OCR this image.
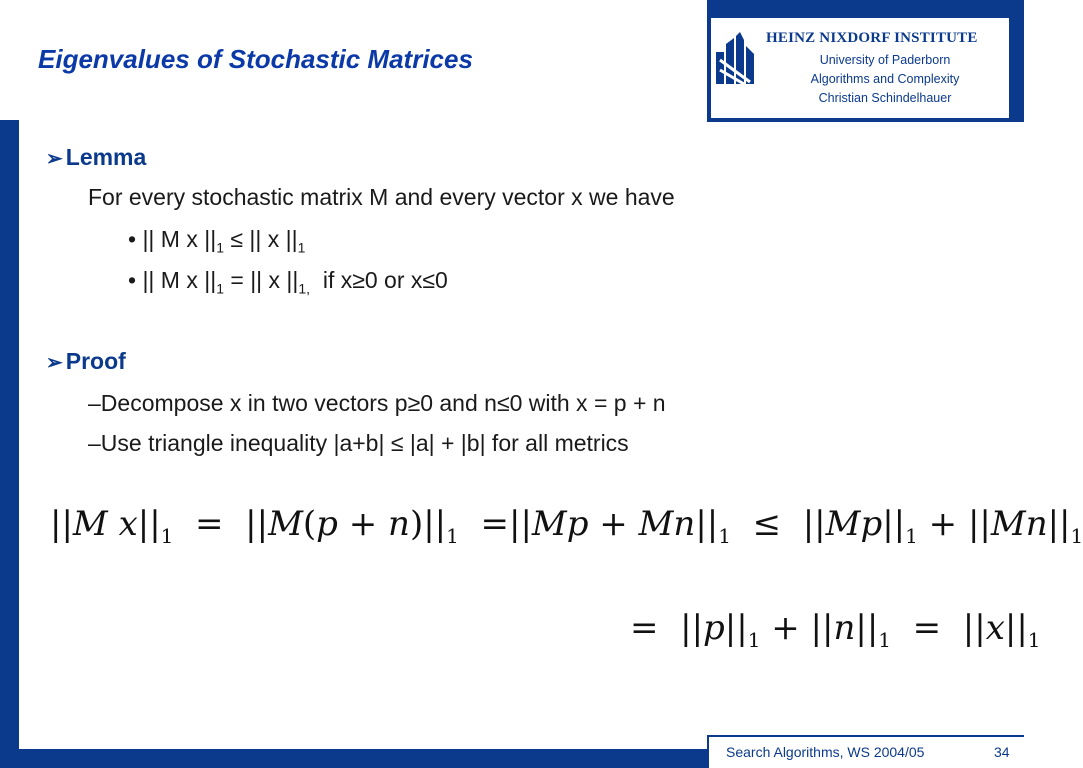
Search Algorithms, WS 2004/05	34
HEINZ NIXDORF INSTITUTE
University of Paderborn
Algorithms and Complexity
Christian Schindelhauer
Eigenvalues of Stochastic Matrices
➢ Lemma
For every stochastic matrix M and every vector x we have
• || M x $||_1$ ≤ || x $||_1$
• || M x $||_1$ = || x $||_{1,}$  if x≥0 or x≤0
➢ Proof
–Decompose x in two vectors p≥0 and n≤0 with x = p + n
–Use triangle inequality |a+b| ≤ |a| + |b| for all metrics
||M $x||_1 = ||M(p + n)||_1 =||Mp + Mn||_1 \le ||Mp||_1 + ||Mn||_1$
=  $||p||_1 + ||n||_1 = ||x||_1$
